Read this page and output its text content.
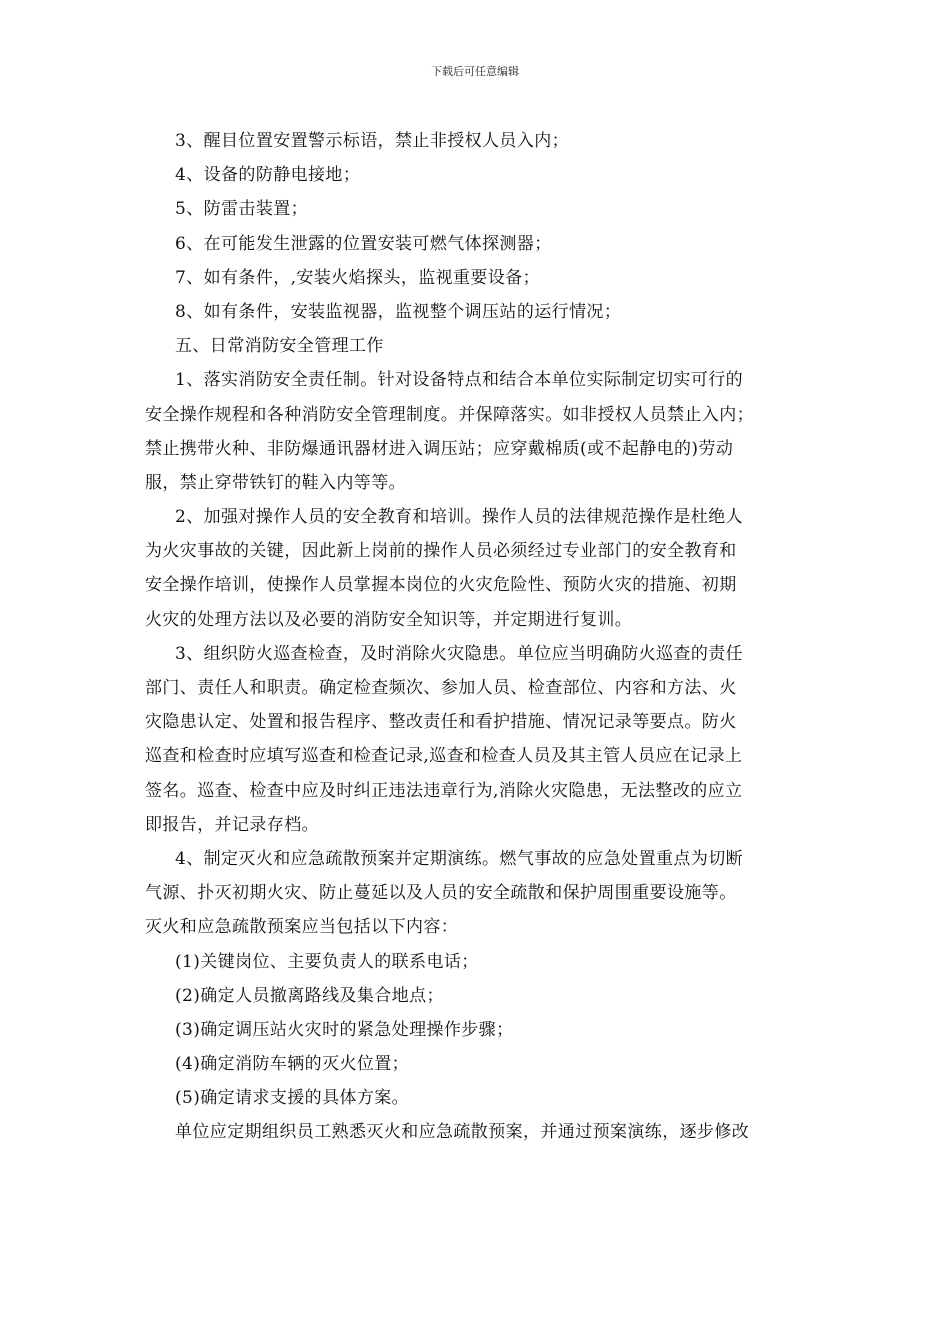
下载后可任意编辑
3、醒目位置安置警示标语，禁止非授权人员入内；
4、设备的防静电接地；
5、防雷击装置；
6、在可能发生泄露的位置安装可燃气体探测器；
7、如有条件，,安装火焰探头，监视重要设备；
8、如有条件，安装监视器，监视整个调压站的运行情况；
五、日常消防安全管理工作
1、落实消防安全责任制。针对设备特点和结合本单位实际制定切实可行的
安全操作规程和各种消防安全管理制度。并保障落实。如非授权人员禁止入内；
禁止携带火种、非防爆通讯器材进入调压站；应穿戴棉质(或不起静电的)劳动
服，禁止穿带铁钉的鞋入内等等。
2、加强对操作人员的安全教育和培训。操作人员的法律规范操作是杜绝人
为火灾事故的关键，因此新上岗前的操作人员必须经过专业部门的安全教育和
安全操作培训，使操作人员掌握本岗位的火灾危险性、预防火灾的措施、初期
火灾的处理方法以及必要的消防安全知识等，并定期进行复训。
3、组织防火巡查检查，及时消除火灾隐患。单位应当明确防火巡查的责任
部门、责任人和职责。确定检查频次、参加人员、检查部位、内容和方法、火
灾隐患认定、处置和报告程序、整改责任和看护措施、情况记录等要点。防火
巡查和检查时应填写巡查和检查记录,巡查和检查人员及其主管人员应在记录上
签名。巡查、检查中应及时纠正违法违章行为,消除火灾隐患，无法整改的应立
即报告，并记录存档。
4、制定灭火和应急疏散预案并定期演练。燃气事故的应急处置重点为切断
气源、扑灭初期火灾、防止蔓延以及人员的安全疏散和保护周围重要设施等。
灭火和应急疏散预案应当包括以下内容：
(1)关键岗位、主要负责人的联系电话；
(2)确定人员撤离路线及集合地点；
(3)确定调压站火灾时的紧急处理操作步骤；
(4)确定消防车辆的灭火位置；
(5)确定请求支援的具体方案。
单位应定期组织员工熟悉灭火和应急疏散预案，并通过预案演练，逐步修改
